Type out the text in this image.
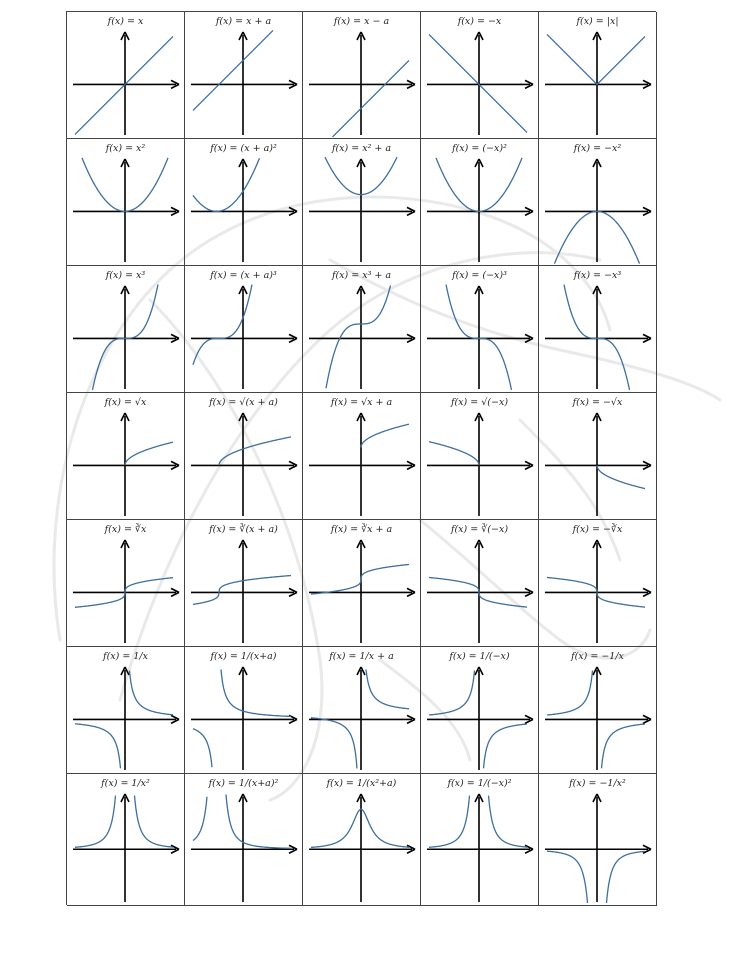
f(x) = x	f(x) = x + a	f(x) = x − a	f(x) = −x	f(x) = |x|
f(x) = x²	f(x) = (x + a)²	f(x) = x² + a	f(x) = (−x)²	f(x) = −x²
f(x) = x³	f(x) = (x + a)³	f(x) = x³ + a	f(x) = (−x)³	f(x) = −x³
f(x) = √x	f(x) = √(x + a)	f(x) = √x + a	f(x) = √(−x)	f(x) = −√x
f(x) = ∛x	f(x) = ∛(x + a)	f(x) = ∛x + a	f(x) = ∛(−x)	f(x) = −∛x
f(x) = 1/x	f(x) = 1/(x+a)	f(x) = 1/x + a	f(x) = 1/(−x)	f(x) = −1/x
f(x) = 1/x²	f(x) = 1/(x+a)²	f(x) = 1/(x²+a)	f(x) = 1/(−x)²	f(x) = −1/x²
